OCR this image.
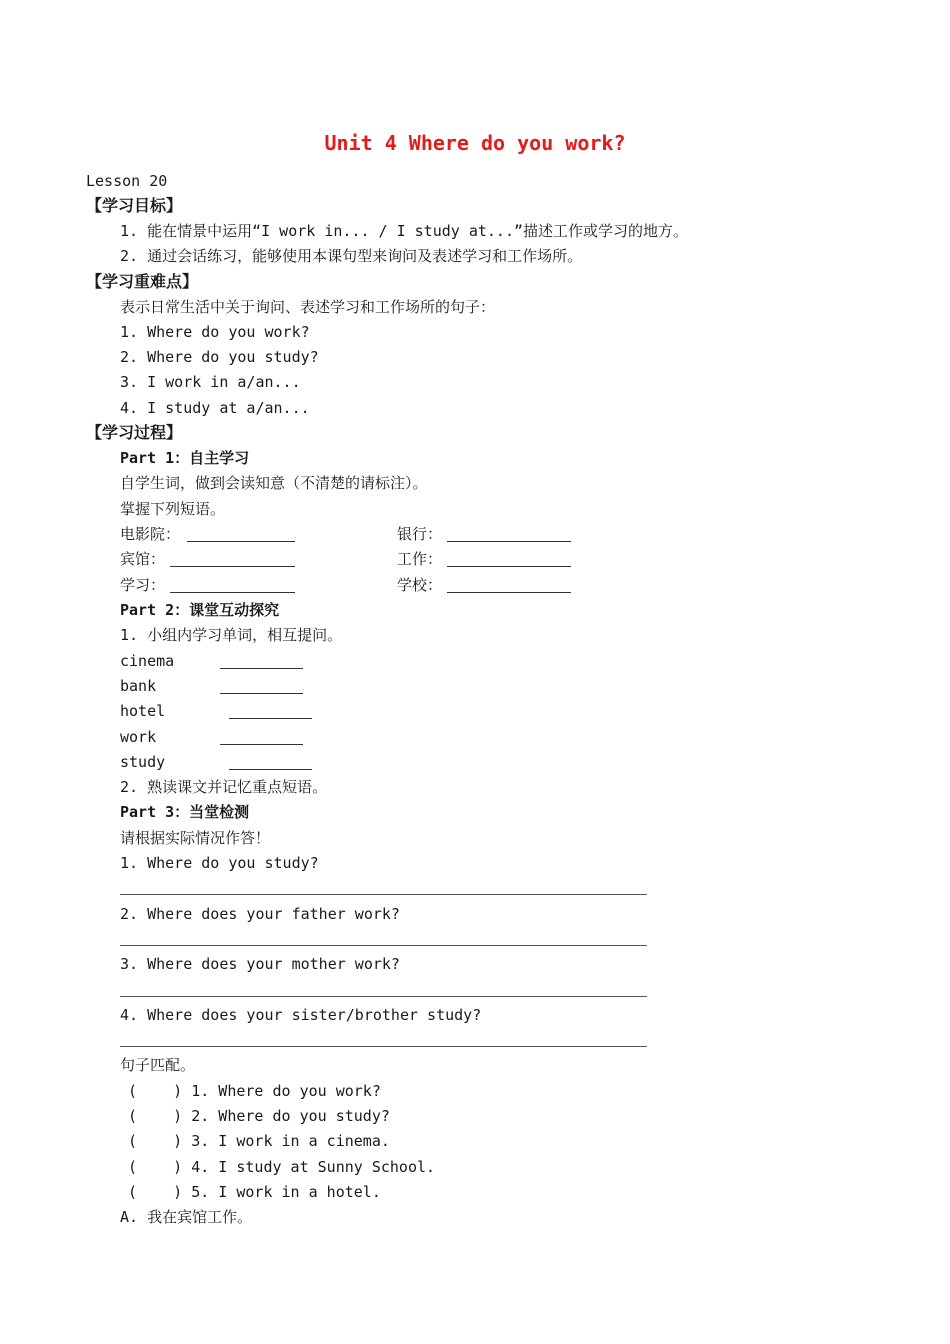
Unit 4 Where do you work?
Lesson 20
【学习目标】
1. 能在情景中运用“I work in... / I study at...”描述工作或学习的地方。
2. 通过会话练习，能够使用本课句型来询问及表述学习和工作场所。
【学习重难点】
表示日常生活中关于询问、表述学习和工作场所的句子：
1. Where do you work?
2. Where do you study?
3. I work in a/an...
4. I study at a/an...
【学习过程】
Part 1：自主学习
自学生词，做到会读知意（不清楚的请标注）。
掌握下列短语。
电影院：	银行：
宾馆：	工作：
学习：	学校：
Part 2：课堂互动探究
1. 小组内学习单词，相互提问。
cinema
bank
hotel
work
study
2. 熟读课文并记忆重点短语。
Part 3：当堂检测
请根据实际情况作答！
1. Where do you study?
2. Where does your father work?
3. Where does your mother work?
4. Where does your sister/brother study?
句子匹配。
(    ) 1. Where do you work?
(    ) 2. Where do you study?
(    ) 3. I work in a cinema.
(    ) 4. I study at Sunny School.
(    ) 5. I work in a hotel.
A. 我在宾馆工作。
